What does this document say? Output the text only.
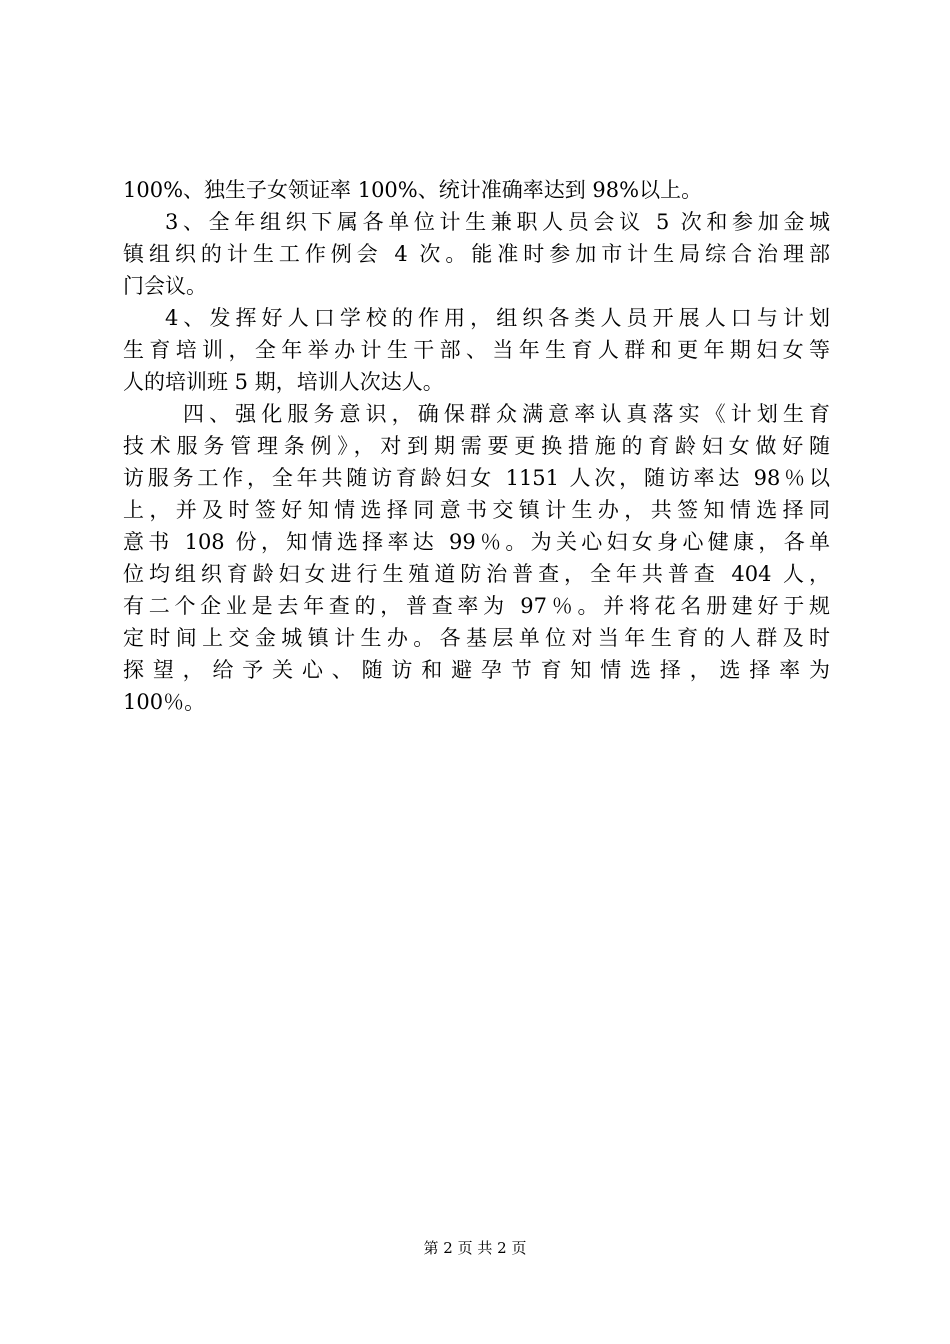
100%、独生子女领证率 100%、统计准确率达到 98%以上。
3、全年组织下属各单位计生兼职人员会议 5 次和参加金城
镇组织的计生工作例会 4 次。能准时参加市计生局综合治理部
门会议。
4、发挥好人口学校的作用，组织各类人员开展人口与计划
生育培训，全年举办计生干部、当年生育人群和更年期妇女等
人的培训班 5 期，培训人次达人。
四、强化服务意识，确保群众满意率认真落实《计划生育
技术服务管理条例》，对到期需要更换措施的育龄妇女做好随
访服务工作，全年共随访育龄妇女 1151 人次，随访率达 98％以
上，并及时签好知情选择同意书交镇计生办，共签知情选择同
意书 108 份，知情选择率达 99％。为关心妇女身心健康，各单
位均组织育龄妇女进行生殖道防治普查，全年共普查 404 人，
有二个企业是去年查的，普查率为 97％。并将花名册建好于规
定时间上交金城镇计生办。各基层单位对当年生育的人群及时
探望，给予关心、随访和避孕节育知情选择，选择率为
100％。
第 2 页 共 2 页
